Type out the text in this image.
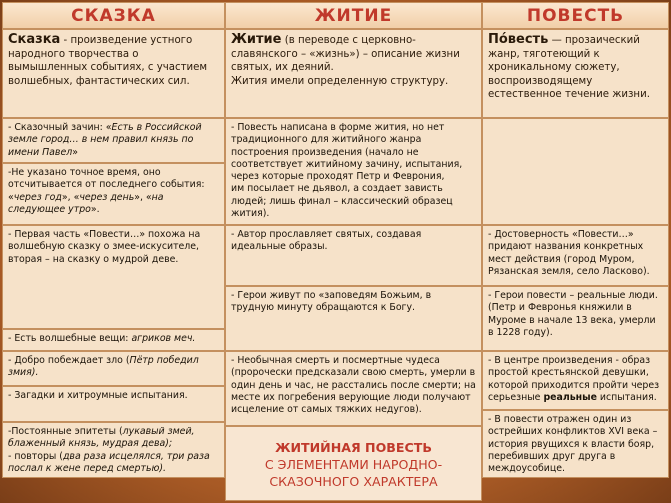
СКАЗКА	ЖИТИЕ	ПОВЕСТЬ
Сказка - произведение устного народного творчества о вымышленных событиях, с участием волшебных, фантастических сил.
Житие (в переводе с церковно-славянского – «жизнь») – описание жизни святых, их деяний.
Жития имели определенную структуру.
По́весть — прозаический жанр, тяготеющий к хроникальному сюжету, воспроизводящему естественное течение жизни.
- Сказочный зачин: «Есть в Российской земле город… в нем правил князь по имени Павел»
-Не указано точное время, оно отсчитывается от последнего события: «через год», «через день», «на следующее утро».
- Первая часть «Повести…» похожа на волшебную сказку о змее-искусителе, вторая – на сказку о мудрой деве.
- Есть волшебные вещи: агриков меч.
- Добро побеждает зло (Пётр победил змия).
- Загадки и хитроумные испытания.
-Постоянные эпитеты (лукавый змей, блаженный князь, мудрая дева);
- повторы (два раза исцелялся, три раза послал к жене перед смертью).
- Повесть написана в форме жития, но нет традиционного для житийного жанра построения произведения (начало не соответствует житийному зачину, испытания,
через которые проходят Петр и Феврония,
им посылает не дьявол, а создает зависть людей; лишь финал – классический образец жития).
- Автор прославляет святых, создавая идеальные образы.
- Герои живут по «заповедям Божьим, в трудную минуту обращаются к Богу.
- Необычная смерть и посмертные чудеса (пророчески предсказали свою смерть, умерли в один день и час, не расстались после смерти; на месте их погребения верующие люди получают исцеление от самых тяжких недугов).
ЖИТИЙНАЯ ПОВЕСТЬ
С ЭЛЕМЕНТАМИ НАРОДНО-
СКАЗОЧНОГО ХАРАКТЕРА
- Достоверность «Повести…» придают названия конкретных мест действия (город Муром, Рязанская земля, село Ласково).
- Герои повести – реальные люди. (Петр и Февронья княжили в Муроме в начале 13 века, умерли в 1228 году).
- В центре произведения - образ простой крестьянской девушки, которой приходится пройти через серьезные реальные испытания.
- В повести отражен один из острейших конфликтов XVI века – история рвущихся к власти бояр, перебивших друг друга в междоусобице.
